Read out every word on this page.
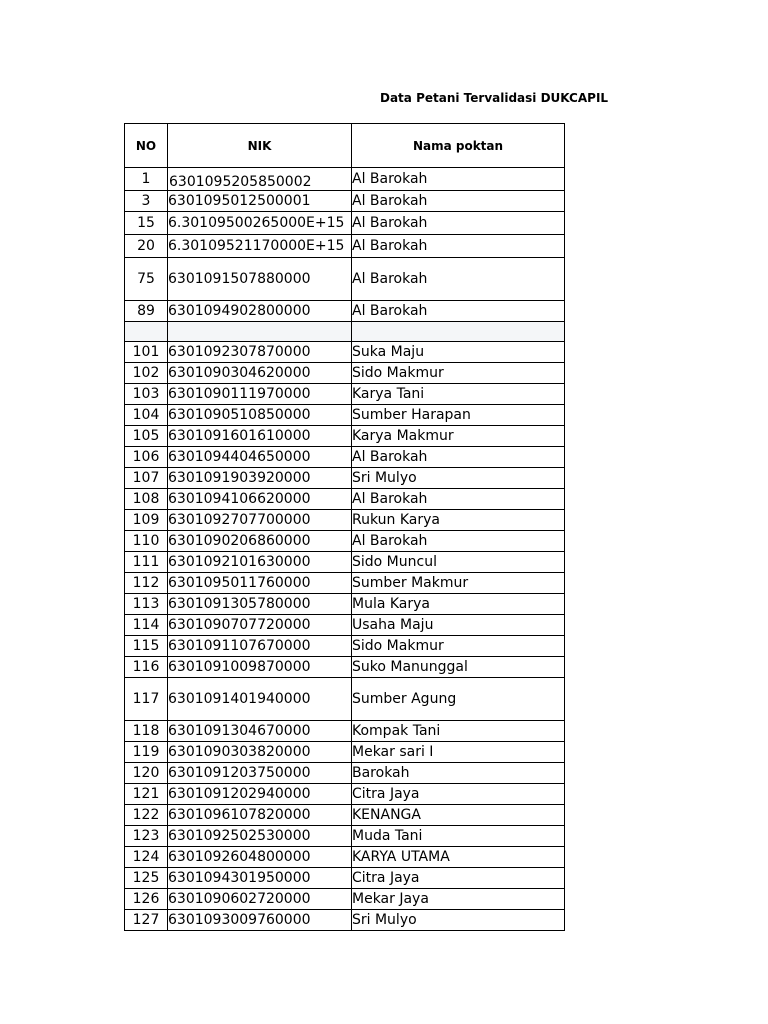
Data Petani Tervalidasi DUKCAPIL
NO	NIK	Nama poktan
1	6301095205850002	Al Barokah
3	6301095012500001	Al Barokah
15	6.30109500265000E+15	Al Barokah
20	6.30109521170000E+15	Al Barokah
75	6301091507880000	Al Barokah
89	6301094902800000	Al Barokah

101	6301092307870000	Suka Maju
102	6301090304620000	Sido Makmur
103	6301090111970000	Karya Tani
104	6301090510850000	Sumber Harapan
105	6301091601610000	Karya Makmur
106	6301094404650000	Al Barokah
107	6301091903920000	Sri Mulyo
108	6301094106620000	Al Barokah
109	6301092707700000	Rukun Karya
110	6301090206860000	Al Barokah
111	6301092101630000	Sido Muncul
112	6301095011760000	Sumber Makmur
113	6301091305780000	Mula Karya
114	6301090707720000	Usaha Maju
115	6301091107670000	Sido Makmur
116	6301091009870000	Suko Manunggal
117	6301091401940000	Sumber Agung
118	6301091304670000	Kompak Tani
119	6301090303820000	Mekar sari I
120	6301091203750000	Barokah
121	6301091202940000	Citra Jaya
122	6301096107820000	KENANGA
123	6301092502530000	Muda Tani
124	6301092604800000	KARYA UTAMA
125	6301094301950000	Citra Jaya
126	6301090602720000	Mekar Jaya
127	6301093009760000	Sri Mulyo
